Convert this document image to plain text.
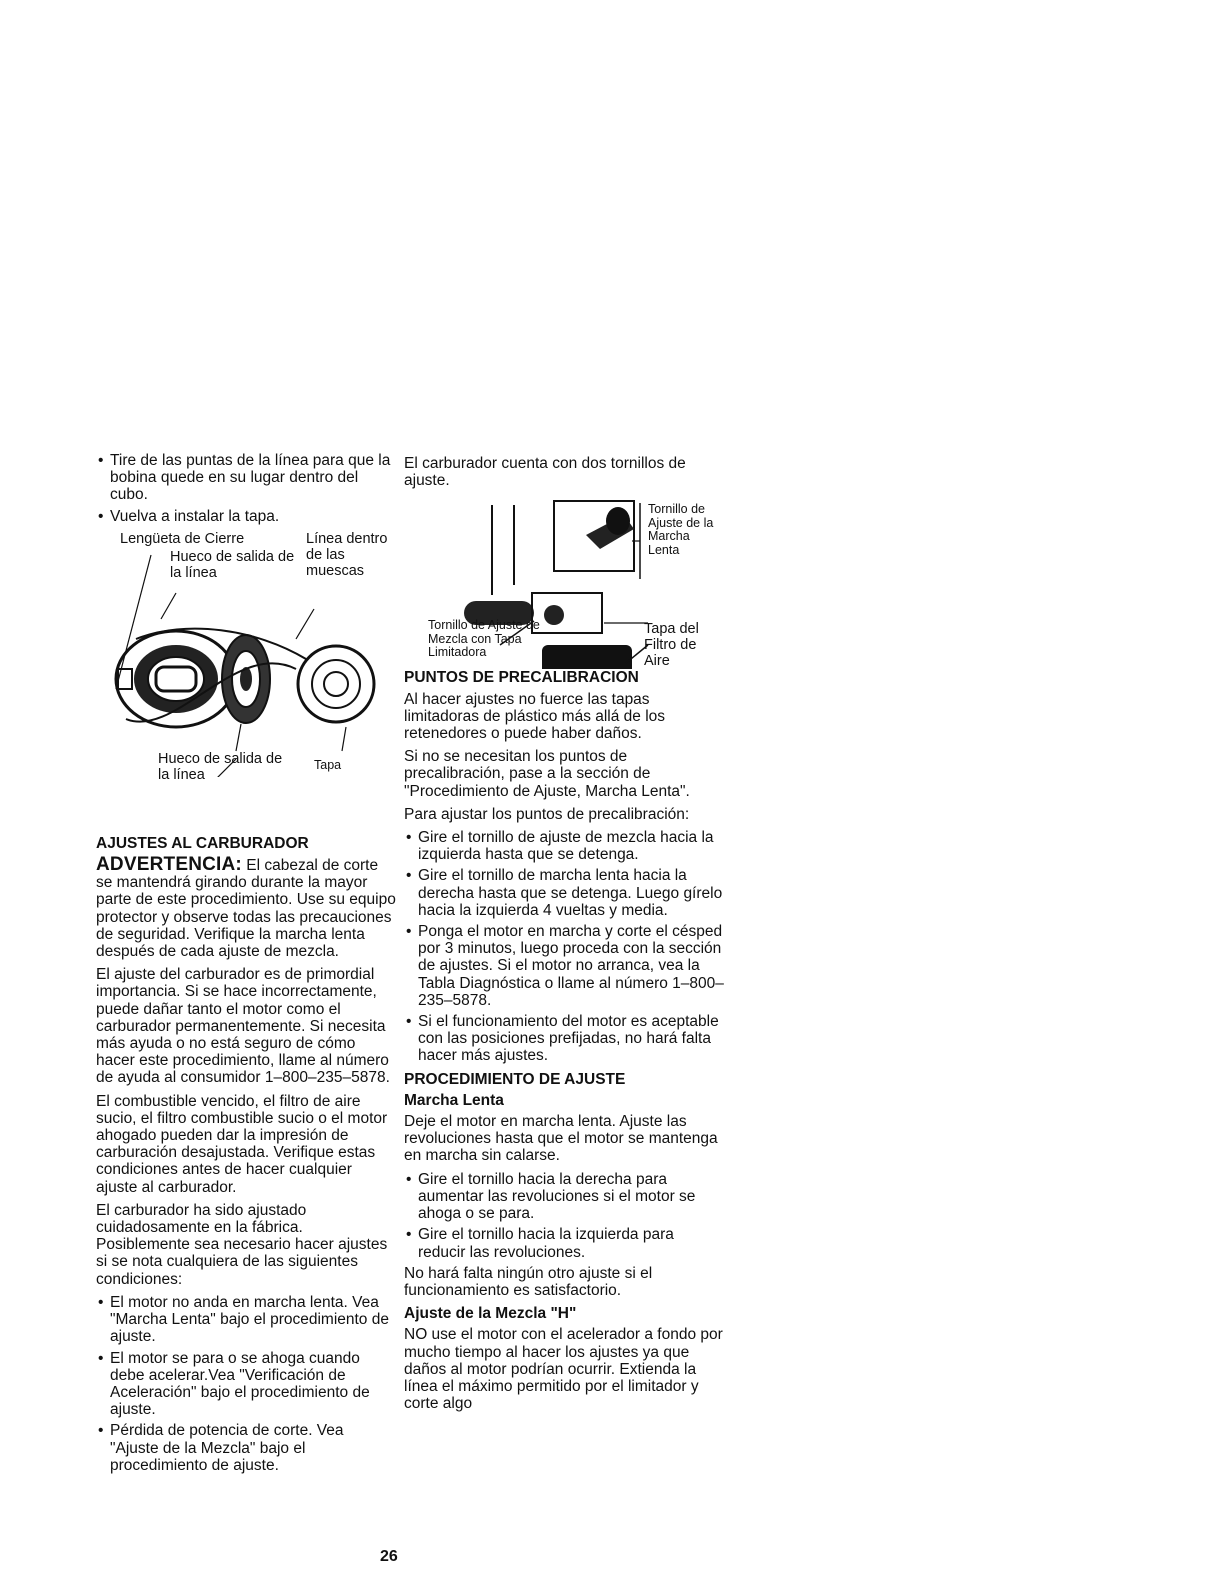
• Tire de las puntas de la línea para que la bobina quede en su lugar dentro del cubo.
• Vuelva a instalar la tapa.
Lengüeta de Cierre
Hueco de salida de la línea
Línea dentro de las muescas
Hueco de salida de la línea
Tapa
AJUSTES AL CARBURADOR

ADVERTENCIA: El cabezal de corte se mantendrá girando durante la mayor parte de este procedimiento. Use su equipo protector y observe todas las precauciones de seguridad. Verifique la marcha lenta después de cada ajuste de mezcla.

El ajuste del carburador es de primordial importancia. Si se hace incorrectamente, puede dañar tanto el motor como el carburador permanentemente. Si necesita más ayuda o no está seguro de cómo hacer este procedimiento, llame al número de ayuda al consumidor 1–800–235–5878.

El combustible vencido, el filtro de aire sucio, el filtro combustible sucio o el motor ahogado pueden dar la impresión de carburación desajustada. Verifique estas condiciones antes de hacer cualquier ajuste al carburador.

El carburador ha sido ajustado cuidadosamente en la fábrica. Posiblemente sea necesario hacer ajustes si se nota cualquiera de las siguientes condiciones:

• El motor no anda en marcha lenta. Vea "Marcha Lenta" bajo el procedimiento de ajuste.
• El motor se para o se ahoga cuando debe acelerar.Vea "Verificación de Aceleración" bajo el procedimiento de ajuste.
• Pérdida de potencia de corte. Vea "Ajuste de la Mezcla" bajo el procedimiento de ajuste.

El carburador cuenta con dos tornillos de ajuste.

Tornillo de Ajuste de la Marcha Lenta
Tornillo de Ajuste de Mezcla con Tapa Limitadora
Tapa del Filtro de Aire
PUNTOS DE PRECALIBRACION

Al hacer ajustes no fuerce las tapas limitadoras de plástico más allá de los retenedores o puede haber daños.

Si no se necesitan los puntos de precalibración, pase a la sección de "Procedimiento de Ajuste, Marcha Lenta".

Para ajustar los puntos de precalibración:

• Gire el tornillo de ajuste de mezcla hacia la izquierda hasta que se detenga.
• Gire el tornillo de marcha lenta hacia la derecha hasta que se detenga. Luego gírelo hacia la izquierda 4 vueltas y media.
• Ponga el motor en marcha y corte el césped por 3 minutos, luego proceda con la sección de ajustes. Si el motor no arranca, vea la Tabla Diagnóstica o llame al número 1–800–235–5878.
• Si el funcionamiento del motor es aceptable con las posiciones prefijadas, no hará falta hacer más ajustes.
PROCEDIMIENTO DE AJUSTE
Marcha Lenta

Deje el motor en marcha lenta. Ajuste las revoluciones hasta que el motor se mantenga en marcha sin calarse.

• Gire el tornillo hacia la derecha para aumentar las revoluciones si el motor se ahoga o se para.
• Gire el tornillo hacia la izquierda para reducir las revoluciones.

No hará falta ningún otro ajuste si el funcionamiento es satisfactorio.

Ajuste de la Mezcla "H"

NO use el motor con el acelerador a fondo por mucho tiempo al hacer los ajustes ya que daños al motor podrían ocurrir. Extienda la línea el máximo permitido por el limitador y corte algo

26
